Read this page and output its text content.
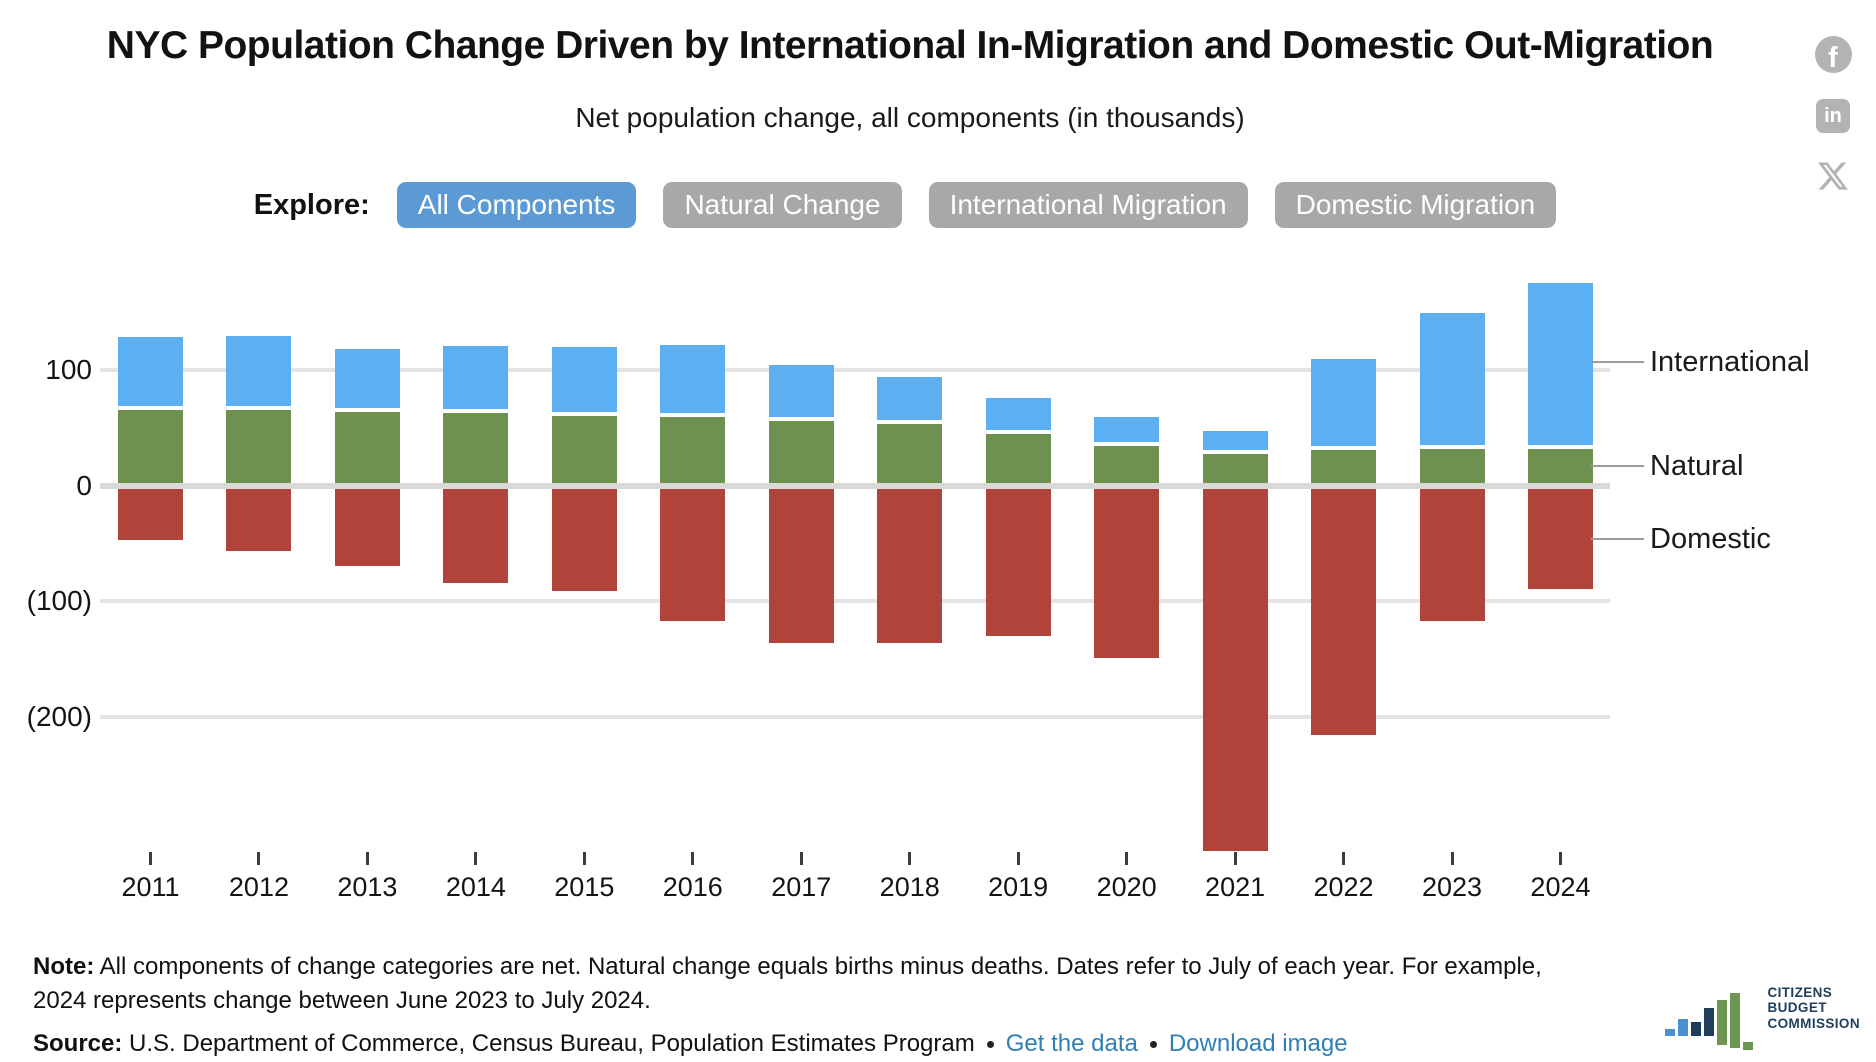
NYC Population Change Driven by International In-Migration and Domestic Out-Migration
Net population change, all components (in thousands)
f
in
Explore:	All Components	Natural Change	International Migration	Domestic Migration
100
0
(100)
(200)
2011	2012	2013	2014	2015	2016	2017	2018	2019	2020	2021	2022	2023	2024
International
Natural
Domestic
Note: All components of change categories are net. Natural change equals births minus deaths. Dates refer to July of each year. For example, 2024 represents change between June 2023 to July 2024.
Source: U.S. Department of Commerce, Census Bureau, Population Estimates Program Get the data Download image
CITIZENS
BUDGET
COMMISSION
